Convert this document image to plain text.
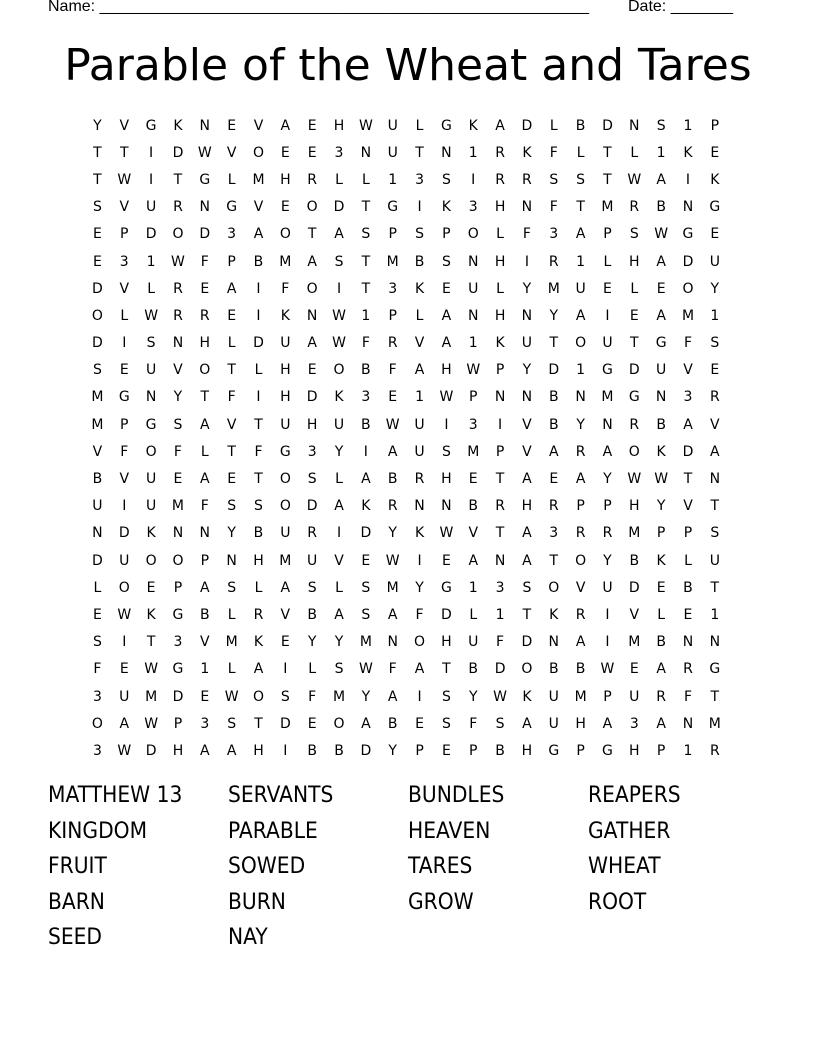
Name: _______________________________________________________ Date: _______
Parable of the Wheat and Tares
Y	V	G	K	N	E	V	A	E	H	W	U	L	G	K	A	D	L	B	D	N	S	1	P
T	T	I	D	W	V	O	E	E	3	N	U	T	N	1	R	K	F	L	T	L	1	K	E
T	W	I	T	G	L	M	H	R	L	L	1	3	S	I	R	R	S	S	T	W	A	I	K
S	V	U	R	N	G	V	E	O	D	T	G	I	K	3	H	N	F	T	M	R	B	N	G
E	P	D	O	D	3	A	O	T	A	S	P	S	P	O	L	F	3	A	P	S	W	G	E
E	3	1	W	F	P	B	M	A	S	T	M	B	S	N	H	I	R	1	L	H	A	D	U
D	V	L	R	E	A	I	F	O	I	T	3	K	E	U	L	Y	M	U	E	L	E	O	Y
O	L	W	R	R	E	I	K	N	W	1	P	L	A	N	H	N	Y	A	I	E	A	M	1
D	I	S	N	H	L	D	U	A	W	F	R	V	A	1	K	U	T	O	U	T	G	F	S
S	E	U	V	O	T	L	H	E	O	B	F	A	H	W	P	Y	D	1	G	D	U	V	E
M	G	N	Y	T	F	I	H	D	K	3	E	1	W	P	N	N	B	N	M	G	N	3	R
M	P	G	S	A	V	T	U	H	U	B	W	U	I	3	I	V	B	Y	N	R	B	A	V
V	F	O	F	L	T	F	G	3	Y	I	A	U	S	M	P	V	A	R	A	O	K	D	A
B	V	U	E	A	E	T	O	S	L	A	B	R	H	E	T	A	E	A	Y	W W	T	N
U	I	U	M	F	S	S	O	D	A	K	R	N	N	B	R	H	R	P	P	H	Y	V	T
N	D	K	N	N	Y	B	U	R	I	D	Y	K	W	V	T	A	3	R	R	M	P	P	S
D	U	O	O	P	N	H	M	U	V	E	W	I	E	A	N	A	T	O	Y	B	K	L	U
L	O	E	P	A	S	L	A	S	L	S	M	Y	G	1	3	S	O	V	U	D	E	B	T
E	W	K	G	B	L	R	V	B	A	S	A	F	D	L	1	T	K	R	I	V	L	E	1
S	I	T	3	V	M	K	E	Y	Y	M	N	O	H	U	F	D	N	A	I	M	B	N	N
F	E	W	G	1	L	A	I	L	S	W	F	A	T	B	D	O	B	B	W	E	A	R	G
3	U	M	D	E	W	O	S	F	M	Y	A	I	S	Y	W	K	U	M	P	U	R	F	T
O	A	W	P	3	S	T	D	E	O	A	B	E	S	F	S	A	U	H	A	3	A	N	M
3	W	D	H	A	A	H	I	B	B	D	Y	P	E	P	B	H	G	P	G	H	P	1	R
MATTHEW 13	SERVANTS	BUNDLES	REAPERS
KINGDOM	PARABLE	HEAVEN	GATHER
FRUIT	SOWED	TARES	WHEAT
BARN	BURN	GROW	ROOT
SEED	NAY
